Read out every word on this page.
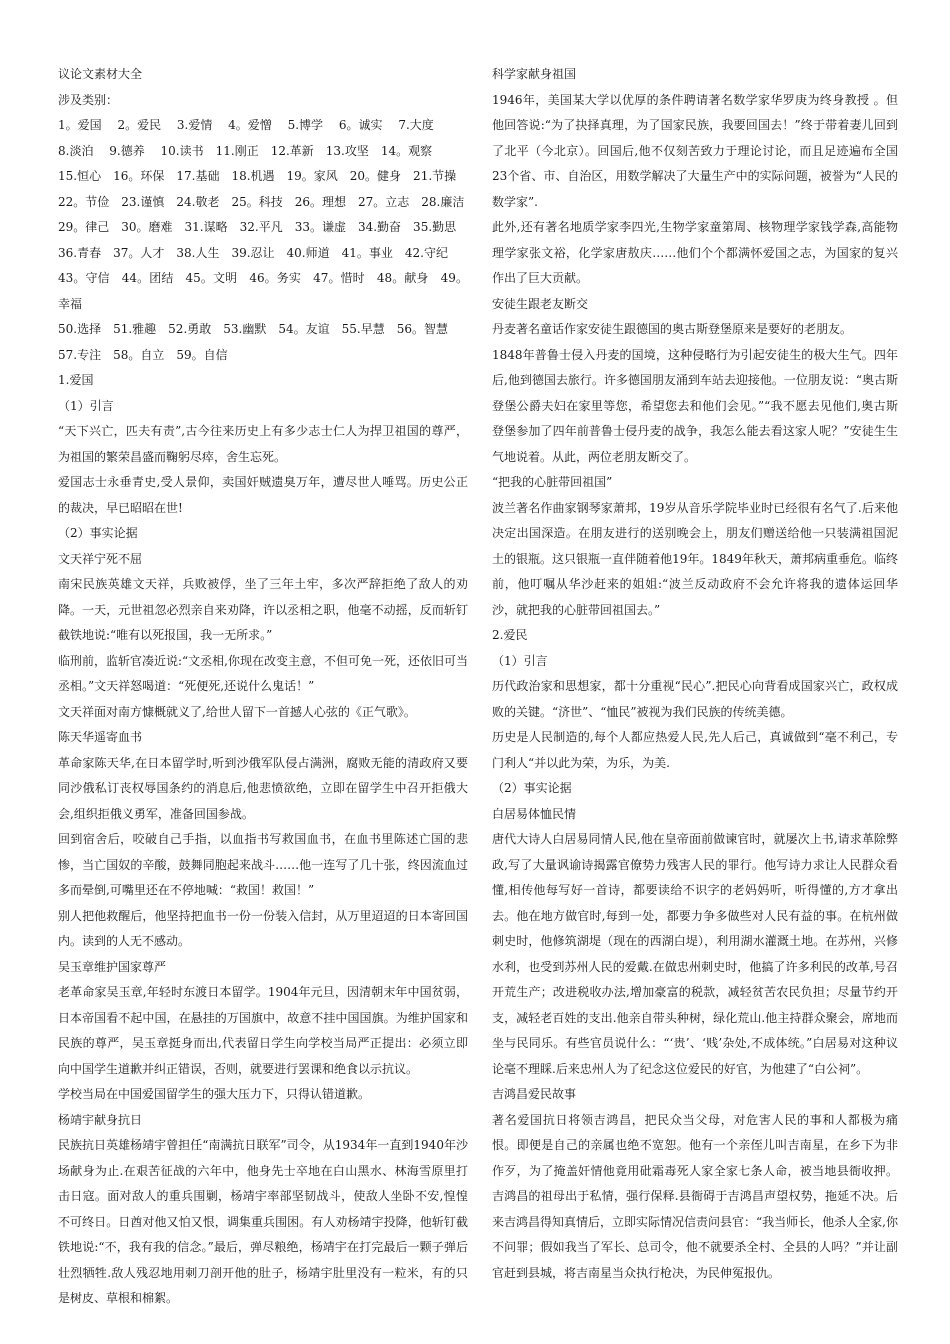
议论文素材大全

涉及类别：

1。爱国　 2。爱民　 3.爱情　 4。爱憎　 5.博学　 6。诚实　 7.大度

8.淡泊　 9.德养　 10.读书　11.刚正　12.革新　13.攻坚　14。观察

15.恒心　16。环保　17.基础　18.机遇　19。家风　20。健身　21.节操

22。节俭　23.谨慎　24.敬老　25。科技　26。理想　27。立志　28.廉洁

29。律己　30。磨难　31.谋略　32.平凡　33。谦虚　34.勤奋　35.勤思

36.青春　37。人才　38.人生　39.忍让　40.师道　41。事业　42.守纪

43。守信　44。团结　45。文明　46。务实　47。惜时　48。献身　49。幸福

50.选择　51.雅趣　52.勇敢　53.幽默　54。友谊　55.早慧　56。智慧

57.专注　58。自立　59。自信

1.爱国

（1）引言

“天下兴亡，匹夫有责”,古今往来历史上有多少志士仁人为捍卫祖国的尊严，为祖国的繁荣昌盛而鞠躬尽瘁，舍生忘死。

爱国志士永垂青史,受人景仰，卖国奸贼遗臭万年，遭尽世人唾骂。历史公正的裁决，早已昭昭在世!

（2）事实论据

文天祥宁死不屈

南宋民族英雄文天祥，兵败被俘，坐了三年土牢，多次严辞拒绝了敌人的劝降。一天，元世祖忽必烈亲自来劝降，许以丞相之职，他毫不动摇，反而斩钉截铁地说:“唯有以死报国，我一无所求。”

临刑前，监斩官凑近说:“文丞相,你现在改变主意，不但可免一死，还依旧可当丞相。”文天祥怒喝道：“死便死,还说什么鬼话！”

文天祥面对南方慷概就义了,给世人留下一首撼人心弦的《正气歌》。

陈天华遥寄血书

革命家陈天华,在日本留学时,听到沙俄军队侵占满洲，腐败无能的清政府又要同沙俄私订丧权辱国条约的消息后,他悲愤欲绝，立即在留学生中召开拒俄大会,组织拒俄义勇军，准备回国参战。

回到宿舍后，咬破自己手指，以血指书写救国血书，在血书里陈述亡国的悲惨，当亡国奴的辛酸，鼓舞同胞起来战斗……他一连写了几十张，终因流血过多而晕倒,可嘴里还在不停地喊：“救国！救国！”

别人把他救醒后，他坚持把血书一份一份装入信封，从万里迢迢的日本寄回国内。读到的人无不感动。

吴玉章维护国家尊严

老革命家吴玉章,年轻时东渡日本留学。1904年元旦，因清朝末年中国贫弱，日本帝国看不起中国，在悬挂的万国旗中，故意不挂中国国旗。为维护国家和民族的尊严，吴玉章挺身而出,代表留日学生向学校当局严正提出：必须立即向中国学生道歉并纠正错误，否则，就要进行罢课和绝食以示抗议。

学校当局在中国爱国留学生的强大压力下，只得认错道歉。

杨靖宇献身抗日

民族抗日英雄杨靖宇曾担任“南满抗日联军”司令，从1934年一直到1940年沙场献身为止.在艰苦征战的六年中，他身先士卒地在白山黑水、林海雪原里打击日寇。面对敌人的重兵围剿，杨靖宇率部坚韧战斗，使敌人坐卧不安,惶惶不可终日。日酋对他又怕又恨，调集重兵围困。有人劝杨靖宇投降，他斩钉截铁地说:“不，我有我的信念。”最后，弹尽粮绝，杨靖宇在打完最后一颗子弹后壮烈牺牲.敌人残忍地用刺刀剖开他的肚子，杨靖宇肚里没有一粒米，有的只是树皮、草根和棉絮。

科学家献身祖国

1946年，美国某大学以优厚的条件聘请著名数学家华罗庚为终身教授 。但他回答说:“为了抉择真理，为了国家民族，我要回国去！”终于带着妻儿回到了北平（今北京）。回国后,他不仅刻苦致力于理论讨论，而且足迹遍布全国23个省、市、自治区，用数学解决了大量生产中的实际问题，被誉为“人民的数学家”.

此外,还有著名地质学家李四光,生物学家童第周、核物理学家钱学森,高能物理学家张文裕，化学家唐敖庆……他们个个都满怀爱国之志，为国家的复兴作出了巨大贡献。

安徒生跟老友断交

丹麦著名童话作家安徒生跟德国的奥古斯登堡原来是要好的老朋友。

1848年普鲁士侵入丹麦的国境，这种侵略行为引起安徒生的极大生气。四年后,他到德国去旅行。许多德国朋友涌到车站去迎接他。一位朋友说：“奥古斯登堡公爵夫妇在家里等您，希望您去和他们会见。”“我不愿去见他们,奥古斯登堡参加了四年前普鲁士侵丹麦的战争，我怎么能去看这家人呢？”安徒生生气地说着。从此，两位老朋友断交了。

“把我的心脏带回祖国”

波兰著名作曲家钢琴家萧邦，19岁从音乐学院毕业时已经很有名气了.后来他决定出国深造。在朋友进行的送别晚会上，朋友们赠送给他一只装满祖国泥土的银瓶。这只银瓶一直伴随着他19年。1849年秋天，萧邦病重垂危。临终前，他叮嘱从华沙赶来的姐姐:“波兰反动政府不会允许将我的遗体运回华沙，就把我的心脏带回祖国去。”

2.爱民

（1）引言

历代政治家和思想家，都十分重视“民心”.把民心向背看成国家兴亡，政权成败的关键。“济世”、“恤民”被视为我们民族的传统美德。

历史是人民制造的,每个人都应热爱人民,先人后己，真诚做到“毫不利己，专门利人“并以此为荣，为乐，为美.

（2）事实论据

白居易体恤民情

唐代大诗人白居易同情人民,他在皇帝面前做谏官时，就屡次上书,请求革除弊政,写了大量讽谕诗揭露官僚势力残害人民的罪行。他写诗力求让人民群众看懂,相传他每写好一首诗，都要读给不识字的老妈妈听，听得懂的,方才拿出去。他在地方做官时,每到一处，都要力争多做些对人民有益的事。在杭州做刺史时，他修筑湖堤（现在的西湖白堤），利用湖水灌溉土地。在苏州，兴修水利，也受到苏州人民的爱戴.在做忠州刺史时，他搞了许多利民的改革,号召开荒生产；改进税收办法,增加豪富的税款，减轻贫苦农民负担；尽量节约开支，减轻老百姓的支出.他亲自带头种树，绿化荒山.他主持群众聚会，席地而坐与民同乐。有些官员说什么：“‘贵’、‘贱’杂处,不成体统。”白居易对这种议论毫不理睬.后来忠州人为了纪念这位爱民的好官，为他建了“白公祠”。

吉鸿昌爱民故事

著名爱国抗日将领吉鸿昌，把民众当父母，对危害人民的事和人都极为痛恨。即便是自己的亲属也绝不宽恕。他有一个亲侄儿叫吉南星，在乡下为非作歹，为了掩盖奸情他竟用砒霜毒死人家全家七条人命，被当地县衙收押。吉鸿昌的祖母出于私情，强行保释.县衙碍于吉鸿昌声望权势，拖延不决。后来吉鸿昌得知真情后，立即实际情况信责问县官：“我当师长，他杀人全家,你不问罪；假如我当了军长、总司令，他不就要杀全村、全县的人吗？”并让副官赶到县城，将吉南星当众执行枪决，为民伸冤报仇。
